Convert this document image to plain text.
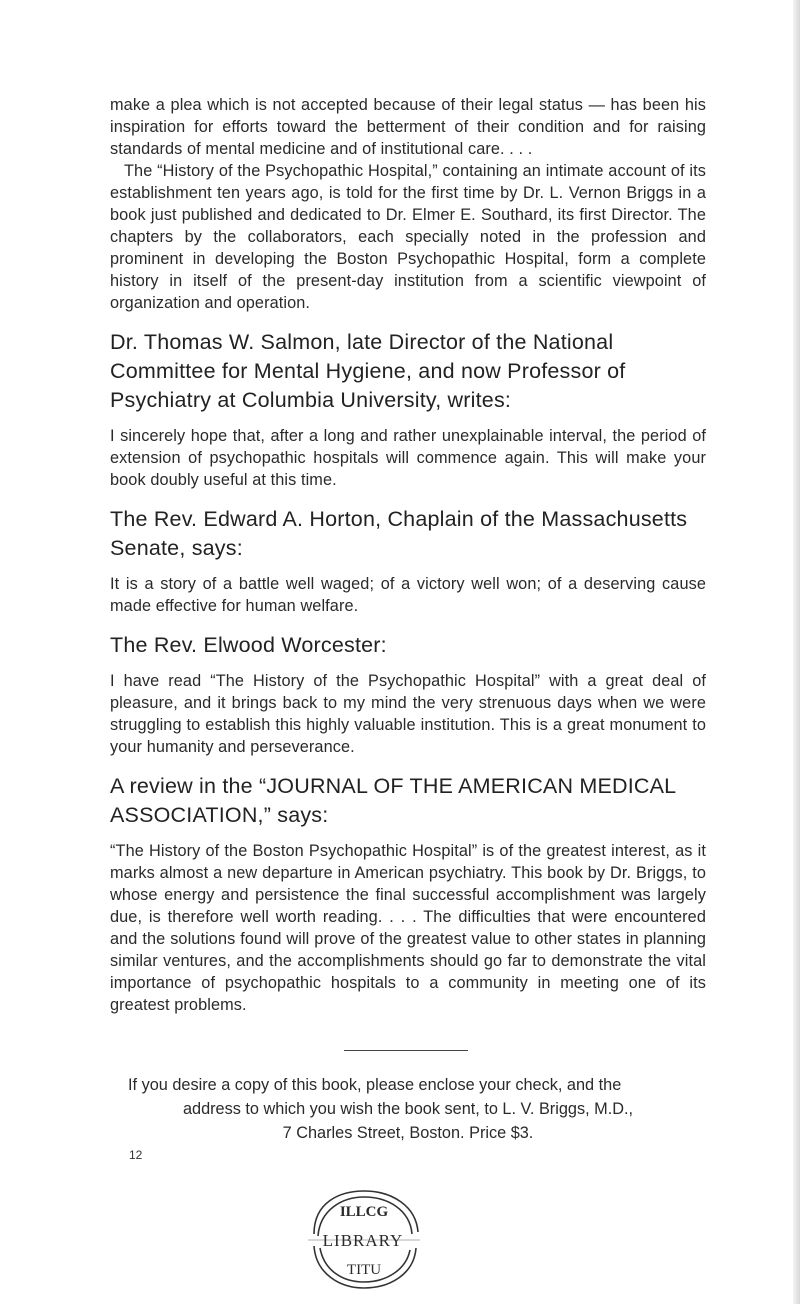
make a plea which is not accepted because of their legal status — has been his inspiration for efforts toward the betterment of their condition and for raising standards of mental medicine and of institutional care. . . .

The “History of the Psychopathic Hospital,” containing an intimate account of its establishment ten years ago, is told for the first time by Dr. L. Vernon Briggs in a book just published and dedicated to Dr. Elmer E. Southard, its first Director. The chapters by the collaborators, each specially noted in the profession and prominent in developing the Boston Psychopathic Hospital, form a complete history in itself of the present-day institution from a scientific viewpoint of organization and operation.

Dr. Thomas W. Salmon, late Director of the National Committee for Mental Hygiene, and now Professor of Psychiatry at Columbia University, writes:

I sincerely hope that, after a long and rather unexplainable interval, the period of extension of psychopathic hospitals will commence again. This will make your book doubly useful at this time.

The Rev. Edward A. Horton, Chaplain of the Massachusetts Senate, says:

It is a story of a battle well waged; of a victory well won; of a deserving cause made effective for human welfare.

The Rev. Elwood Worcester:

I have read “The History of the Psychopathic Hospital” with a great deal of pleasure, and it brings back to my mind the very strenuous days when we were struggling to establish this highly valuable institution. This is a great monument to your humanity and perseverance.

A review in the “JOURNAL OF THE AMERICAN MEDICAL ASSOCIATION,” says:

“The History of the Boston Psychopathic Hospital” is of the greatest interest, as it marks almost a new departure in American psychiatry. This book by Dr. Briggs, to whose energy and persistence the final successful accomplishment was largely due, is therefore well worth reading. . . . The difficulties that were encountered and the solutions found will prove of the greatest value to other states in planning similar ventures, and the accomplishments should go far to demonstrate the vital importance of psychopathic hospitals to a community in meeting one of its greatest problems.

If you desire a copy of this book, please enclose your check, and the
address to which you wish the book sent, to L. V. Briggs, M.D.,
7 Charles Street, Boston. Price $3.

12
ILLCG
LIBRARY
TITU
